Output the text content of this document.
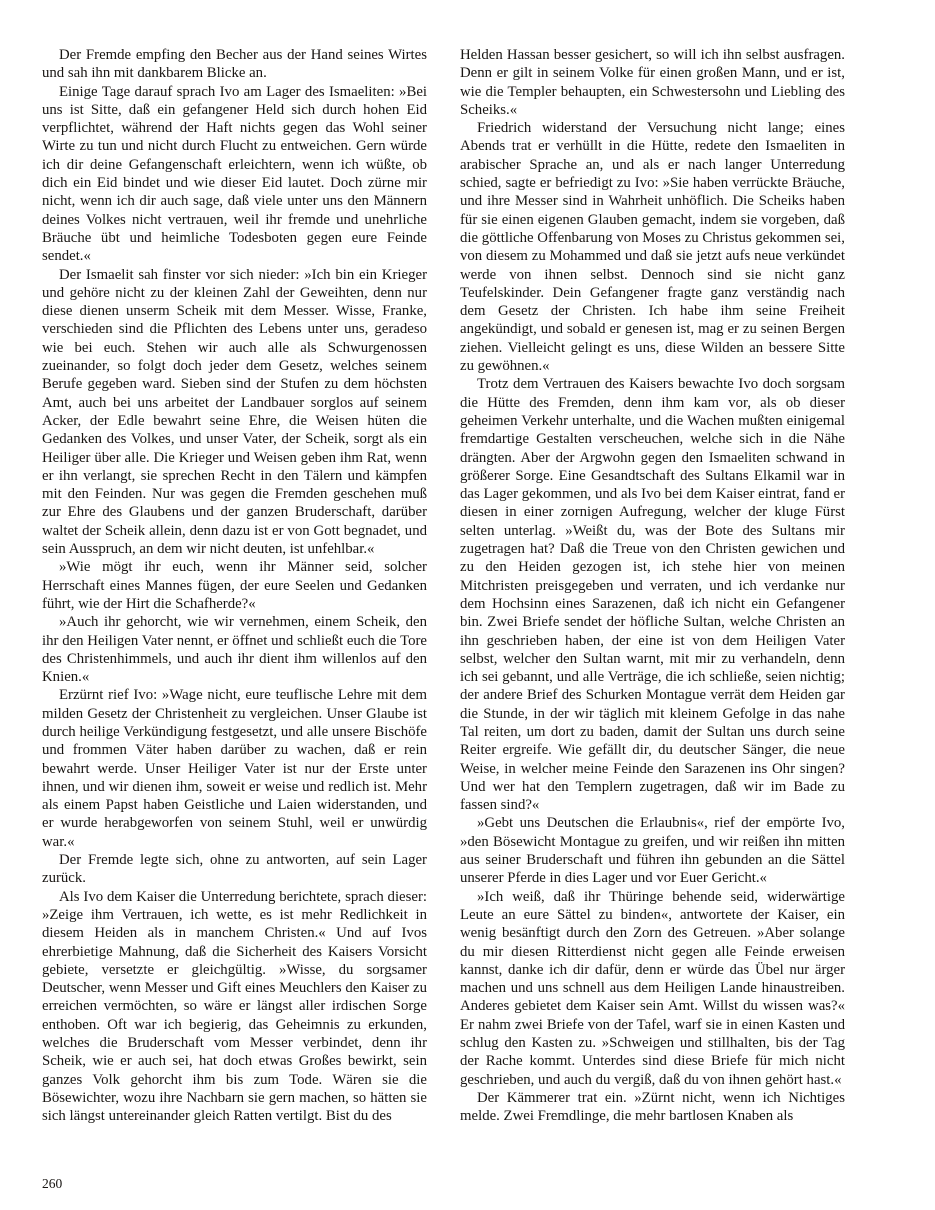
Der Fremde empfing den Becher aus der Hand seines Wirtes und sah ihn mit dankbarem Blicke an.

Einige Tage darauf sprach Ivo am Lager des Ismaeliten: »Bei uns ist Sitte, daß ein gefangener Held sich durch hohen Eid verpflichtet, während der Haft nichts gegen das Wohl seiner Wirte zu tun und nicht durch Flucht zu entweichen. Gern würde ich dir deine Gefangenschaft erleichtern, wenn ich wüßte, ob dich ein Eid bindet und wie dieser Eid lautet. Doch zürne mir nicht, wenn ich dir auch sage, daß viele unter uns den Männern deines Volkes nicht vertrauen, weil ihr fremde und unehrliche Bräuche übt und heimliche Todesboten gegen eure Feinde sendet.«

Der Ismaelit sah finster vor sich nieder: »Ich bin ein Krieger und gehöre nicht zu der kleinen Zahl der Geweihten, denn nur diese dienen unserm Scheik mit dem Messer. Wisse, Franke, verschieden sind die Pflichten des Lebens unter uns, geradeso wie bei euch. Stehen wir auch alle als Schwurgenossen zueinander, so folgt doch jeder dem Gesetz, welches seinem Berufe gegeben ward. Sieben sind der Stufen zu dem höchsten Amt, auch bei uns arbeitet der Landbauer sorglos auf seinem Acker, der Edle bewahrt seine Ehre, die Weisen hüten die Gedanken des Volkes, und unser Vater, der Scheik, sorgt als ein Heiliger über alle. Die Krieger und Weisen geben ihm Rat, wenn er ihn verlangt, sie sprechen Recht in den Tälern und kämpfen mit den Feinden. Nur was gegen die Fremden geschehen muß zur Ehre des Glaubens und der ganzen Bruderschaft, darüber waltet der Scheik allein, denn dazu ist er von Gott begnadet, und sein Ausspruch, an dem wir nicht deuten, ist unfehlbar.«

»Wie mögt ihr euch, wenn ihr Männer seid, solcher Herrschaft eines Mannes fügen, der eure Seelen und Gedanken führt, wie der Hirt die Schafherde?«

»Auch ihr gehorcht, wie wir vernehmen, einem Scheik, den ihr den Heiligen Vater nennt, er öffnet und schließt euch die Tore des Christenhimmels, und auch ihr dient ihm willenlos auf den Knien.«

Erzürnt rief Ivo: »Wage nicht, eure teuflische Lehre mit dem milden Gesetz der Christenheit zu vergleichen. Unser Glaube ist durch heilige Verkündigung festgesetzt, und alle unsere Bischöfe und frommen Väter haben darüber zu wachen, daß er rein bewahrt werde. Unser Heiliger Vater ist nur der Erste unter ihnen, und wir dienen ihm, soweit er weise und redlich ist. Mehr als einem Papst haben Geistliche und Laien widerstanden, und er wurde herabgeworfen von seinem Stuhl, weil er unwürdig war.«

Der Fremde legte sich, ohne zu antworten, auf sein Lager zurück.

Als Ivo dem Kaiser die Unterredung berichtete, sprach dieser: »Zeige ihm Vertrauen, ich wette, es ist mehr Redlichkeit in diesem Heiden als in manchem Christen.« Und auf Ivos ehrerbietige Mahnung, daß die Sicherheit des Kaisers Vorsicht gebiete, versetzte er gleichgültig. »Wisse, du sorgsamer Deutscher, wenn Messer und Gift eines Meuchlers den Kaiser zu erreichen vermöchten, so wäre er längst aller irdischen Sorge enthoben. Oft war ich begierig, das Geheimnis zu erkunden, welches die Bruderschaft vom Messer verbindet, denn ihr Scheik, wie er auch sei, hat doch etwas Großes bewirkt, sein ganzes Volk gehorcht ihm bis zum Tode. Wären sie die Bösewichter, wozu ihre Nachbarn sie gern machen, so hätten sie sich längst untereinander gleich Ratten vertilgt. Bist du des

Helden Hassan besser gesichert, so will ich ihn selbst ausfragen. Denn er gilt in seinem Volke für einen großen Mann, und er ist, wie die Templer behaupten, ein Schwestersohn und Liebling des Scheiks.«

Friedrich widerstand der Versuchung nicht lange; eines Abends trat er verhüllt in die Hütte, redete den Ismaeliten in arabischer Sprache an, und als er nach langer Unterredung schied, sagte er befriedigt zu Ivo: »Sie haben verrückte Bräuche, und ihre Messer sind in Wahrheit unhöflich. Die Scheiks haben für sie einen eigenen Glauben gemacht, indem sie vorgeben, daß die göttliche Offenbarung von Moses zu Christus gekommen sei, von diesem zu Mohammed und daß sie jetzt aufs neue verkündet werde von ihnen selbst. Dennoch sind sie nicht ganz Teufelskinder. Dein Gefangener fragte ganz verständig nach dem Gesetz der Christen. Ich habe ihm seine Freiheit angekündigt, und sobald er genesen ist, mag er zu seinen Bergen ziehen. Vielleicht gelingt es uns, diese Wilden an bessere Sitte zu gewöhnen.«

Trotz dem Vertrauen des Kaisers bewachte Ivo doch sorgsam die Hütte des Fremden, denn ihm kam vor, als ob dieser geheimen Verkehr unterhalte, und die Wachen mußten einigemal fremdartige Gestalten verscheuchen, welche sich in die Nähe drängten. Aber der Argwohn gegen den Ismaeliten schwand in größerer Sorge. Eine Gesandtschaft des Sultans Elkamil war in das Lager gekommen, und als Ivo bei dem Kaiser eintrat, fand er diesen in einer zornigen Aufregung, welcher der kluge Fürst selten unterlag. »Weißt du, was der Bote des Sultans mir zugetragen hat? Daß die Treue von den Christen gewichen und zu den Heiden gezogen ist, ich stehe hier von meinen Mitchristen preisgegeben und verraten, und ich verdanke nur dem Hochsinn eines Sarazenen, daß ich nicht ein Gefangener bin. Zwei Briefe sendet der höfliche Sultan, welche Christen an ihn geschrieben haben, der eine ist von dem Heiligen Vater selbst, welcher den Sultan warnt, mit mir zu verhandeln, denn ich sei gebannt, und alle Verträge, die ich schließe, seien nichtig; der andere Brief des Schurken Montague verrät dem Heiden gar die Stunde, in der wir täglich mit kleinem Gefolge in das nahe Tal reiten, um dort zu baden, damit der Sultan uns durch seine Reiter ergreife. Wie gefällt dir, du deutscher Sänger, die neue Weise, in welcher meine Feinde den Sarazenen ins Ohr singen? Und wer hat den Templern zugetragen, daß wir im Bade zu fassen sind?«

»Gebt uns Deutschen die Erlaubnis«, rief der empörte Ivo, »den Bösewicht Montague zu greifen, und wir reißen ihn mitten aus seiner Bruderschaft und führen ihn gebunden an die Sättel unserer Pferde in dies Lager und vor Euer Gericht.«

»Ich weiß, daß ihr Thüringe behende seid, widerwärtige Leute an eure Sättel zu binden«, antwortete der Kaiser, ein wenig besänftigt durch den Zorn des Getreuen. »Aber solange du mir diesen Ritterdienst nicht gegen alle Feinde erweisen kannst, danke ich dir dafür, denn er würde das Übel nur ärger machen und uns schnell aus dem Heiligen Lande hinaustreiben. Anderes gebietet dem Kaiser sein Amt. Willst du wissen was?« Er nahm zwei Briefe von der Tafel, warf sie in einen Kasten und schlug den Kasten zu. »Schweigen und stillhalten, bis der Tag der Rache kommt. Unterdes sind diese Briefe für mich nicht geschrieben, und auch du vergiß, daß du von ihnen gehört hast.«

Der Kämmerer trat ein. »Zürnt nicht, wenn ich Nichtiges melde. Zwei Fremdlinge, die mehr bartlosen Knaben als

260
